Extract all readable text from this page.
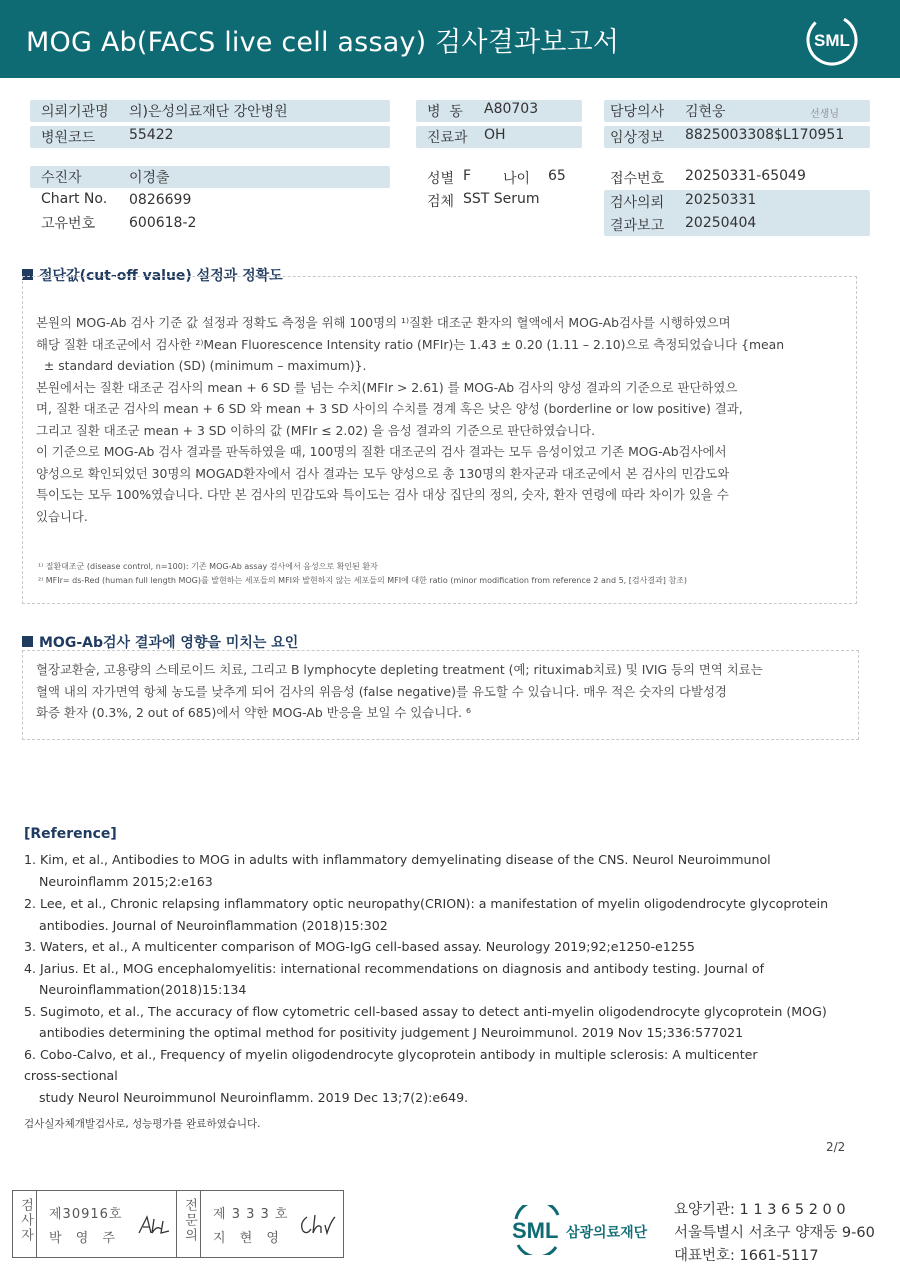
MOG Ab(FACS live cell assay) 검사결과보고서	SML
의뢰기관명 의)은성의료재단 강안병원
병원코드 55422
병  동 A80703
진료과 OH
담당의사 김현웅	선생님
임상정보 8825003308$L170951
수진자	이경출
Chart No. 0826699
고유번호 600618-2
성별 F 나이 65
검체 SST Serum
접수번호 20250331-65049
검사의뢰 20250331
결과보고 20250404
절단값(cut-off value) 설정과 정확도
본원의 MOG-Ab 검사 기준 값 설정과 정확도 측정을 위해 100명의 ¹⁾질환 대조군 환자의 혈액에서 MOG-Ab검사를 시행하였으며
해당 질환 대조군에서 검사한 ²⁾Mean Fluorescence Intensity ratio (MFIr)는 1.43 ± 0.20 (1.11 – 2.10)으로 측정되었습니다 {mean
± standard deviation (SD) (minimum – maximum)}.
본원에서는 질환 대조군 검사의 mean + 6 SD 를 넘는 수치(MFIr > 2.61) 를 MOG-Ab 검사의 양성 결과의 기준으로 판단하였으
며, 질환 대조군 검사의 mean + 6 SD 와 mean + 3 SD 사이의 수치를 경계 혹은 낮은 양성 (borderline or low positive) 결과,
그리고 질환 대조군 mean + 3 SD 이하의 값 (MFIr ≤ 2.02) 을 음성 결과의 기준으로 판단하였습니다.
이 기준으로 MOG-Ab 검사 결과를 판독하였을 때, 100명의 질환 대조군의 검사 결과는 모두 음성이었고 기존 MOG-Ab검사에서
양성으로 확인되었던 30명의 MOGAD환자에서 검사 결과는 모두 양성으로 총 130명의 환자군과 대조군에서 본 검사의 민감도와
특이도는 모두 100%였습니다. 다만 본 검사의 민감도와 특이도는 검사 대상 집단의 정의, 숫자, 환자 연령에 따라 차이가 있을 수
있습니다.
¹⁾ 질환대조군 (disease control, n=100): 기존 MOG-Ab assay 검사에서 음성으로 확인된 환자
²⁾ MFIr= ds-Red (human full length MOG)를 발현하는 세포들의 MFI와 발현하지 않는 세포들의 MFI에 대한 ratio (minor modification from reference 2 and 5, [검사결과] 참조)
MOG-Ab검사 결과에 영향을 미치는 요인
혈장교환술, 고용량의 스테로이드 치료, 그리고 B lymphocyte depleting treatment (예; rituximab치료) 및 IVIG 등의 면역 치료는
혈액 내의 자가면역 항체 농도를 낮추게 되어 검사의 위음성 (false negative)를 유도할 수 있습니다. 매우 적은 숫자의 다발성경
화증 환자 (0.3%, 2 out of 685)에서 약한 MOG-Ab 반응을 보일 수 있습니다. ⁶
[Reference]
1. Kim, et al., Antibodies to MOG in adults with inflammatory demyelinating disease of the CNS. Neurol Neuroimmunol
Neuroinflamm 2015;2:e163
2. Lee, et al., Chronic relapsing inflammatory optic neuropathy(CRION): a manifestation of myelin oligodendrocyte glycoprotein
antibodies. Journal of Neuroinflammation (2018)15:302
3. Waters, et al., A multicenter comparison of MOG-IgG cell-based assay. Neurology 2019;92;e1250-e1255
4. Jarius. Et al., MOG encephalomyelitis: international recommendations on diagnosis and antibody testing. Journal of
Neuroinflammation(2018)15:134
5. Sugimoto, et al., The accuracy of flow cytometric cell-based assay to detect anti-myelin oligodendrocyte glycoprotein (MOG)
antibodies determining the optimal method for positivity judgement J Neuroimmunol. 2019 Nov 15;336:577021
6. Cobo-Calvo, et al., Frequency of myelin oligodendrocyte glycoprotein antibody in multiple sclerosis: A multicenter
cross-sectional
study Neurol Neuroimmunol Neuroinflamm. 2019 Dec 13;7(2):e649.
검사실자체개발검사로, 성능평가를 완료하였습니다.
2/2
검사자	제30916호
박 영 주	전문의	제 3 3 3 호
지 현 영	SML 삼광의료재단
요양기관: 1 1 3 6 5 2 0 0
서울특별시 서초구 양재동 9-60
대표번호: 1661-5117
